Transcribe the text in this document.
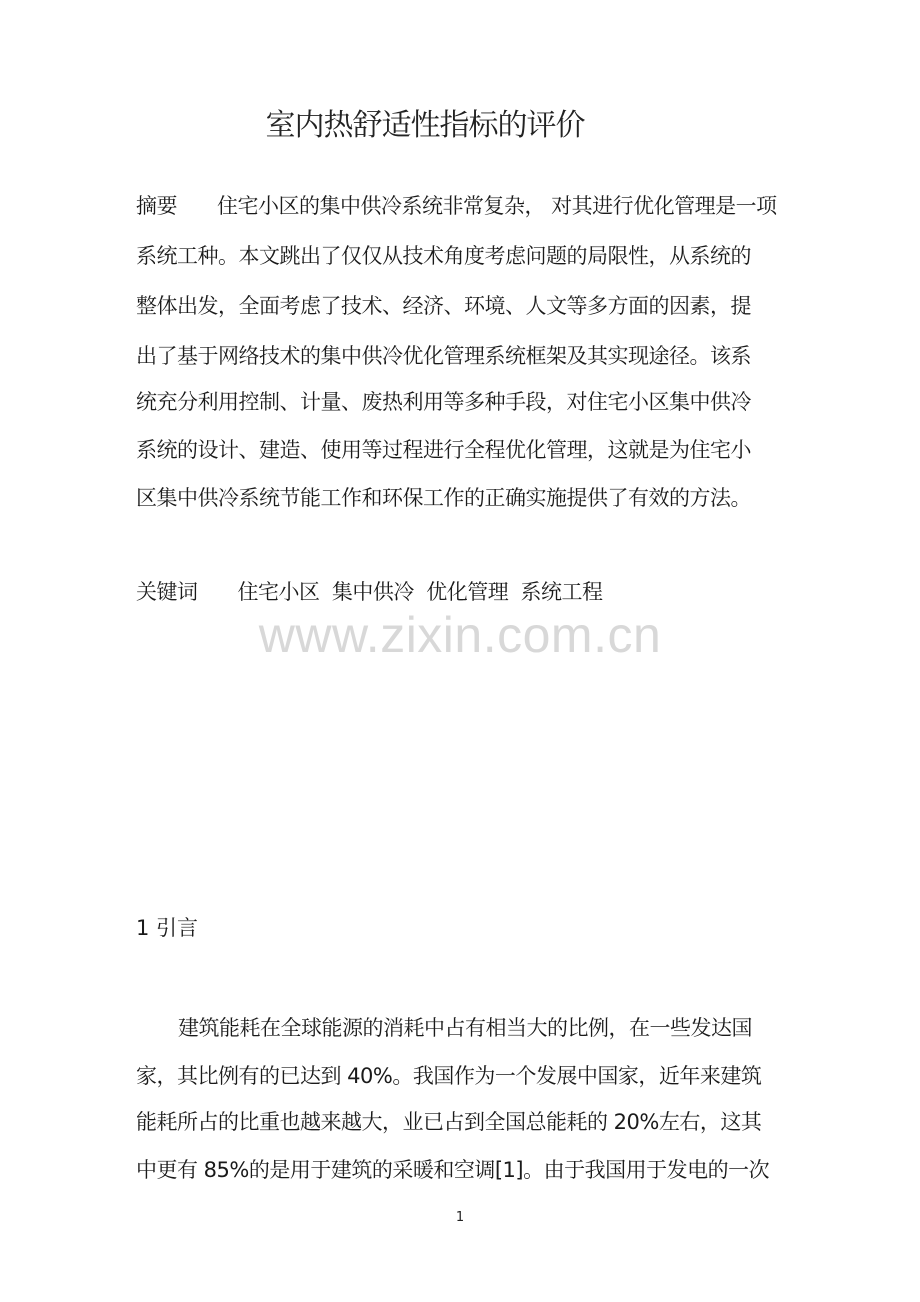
室内热舒适性指标的评价
摘要 住宅小区的集中供冷系统非常复杂， 对其进行优化管理是一项
系统工种。本文跳出了仅仅从技术角度考虑问题的局限性，从系统的
整体出发，全面考虑了技术、经济、环境、人文等多方面的因素，提
出了基于网络技术的集中供冷优化管理系统框架及其实现途径。该系
统充分利用控制、计量、废热利用等多种手段，对住宅小区集中供冷
系统的设计、建造、使用等过程进行全程优化管理，这就是为住宅小
区集中供冷系统节能工作和环保工作的正确实施提供了有效的方法。
关键词 住宅小区  集中供冷  优化管理  系统工程
www.zixin.com.cn
1 引言
建筑能耗在全球能源的消耗中占有相当大的比例，在一些发达国
家，其比例有的已达到 40%。我国作为一个发展中国家，近年来建筑
能耗所占的比重也越来越大，业已占到全国总能耗的 20%左右，这其
中更有 85%的是用于建筑的采暖和空调[1]。由于我国用于发电的一次
1
